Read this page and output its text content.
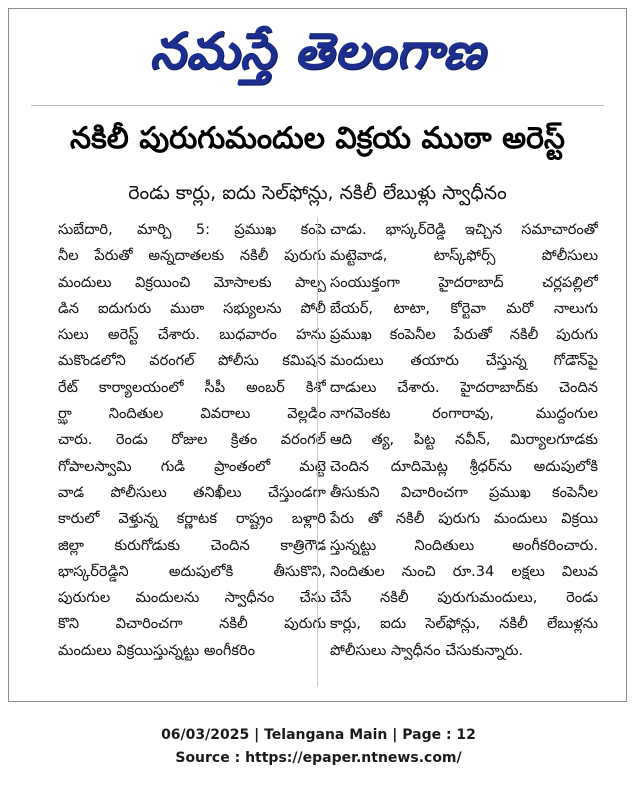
నమస్తే తెలంగాణ
నకిలీ పురుగుమందుల విక్రయ ముఠా అరెస్ట్
రెండు కార్లు, ఐదు సెల్‌ఫోన్లు, నకిలీ లేబుళ్లు స్వాధీనం
సుబేదారి, మార్చి 5: ప్రముఖ కంపె
నీల పేరుతో అన్నదాతలకు నకిలీ పురుగు
మందులు విక్రయించి మోసాలకు పాల్ప
డిన ఐదుగురు ముఠా సభ్యులను పోలీ
సులు అరెస్ట్ చేశారు. బుధవారం హను
మకొండలోని వరంగల్ పోలీసు కమిషన
రేట్ కార్యాలయంలో సీపీ అంబర్ కిశో
ర్ఝా నిందితుల వివరాలు వెల్లడిం
చారు. రెండు రోజుల క్రితం వరంగల్
గోపాలస్వామి గుడి ప్రాంతంలో మట్టె
వాడ పోలీసులు తనిఖీలు చేస్తుండగా
కారులో వెళ్తున్న కర్ణాటక రాష్ట్రం బళ్లారి
జిల్లా కురుగోడుకు చెందిన కాత్రిగౌడ
భాస్కర్‌రెడ్డిని అదుపులోకి తీసుకొని,
పురుగుల మందులను స్వాధీనం చేసు
కొని విచారించగా నకిలీ పురుగు
మందులు విక్రయిస్తున్నట్టు అంగీకరిం
చాడు. భాస్కర్‌రెడ్డి ఇచ్చిన సమాచారంతో
మట్టెవాడ, టాస్క్‌ఫోర్స్ పోలీసులు
సంయుక్తంగా హైదరాబాద్ చర్లపల్లిలో
బేయర్, టాటా, కోర్టెవా మరో నాలుగు
ప్రముఖ కంపెనీల పేరుతో నకిలీ పురుగు
మందులు తయారు చేస్తున్న గోడౌన్‌పై
దాడులు చేశారు. హైదరాబాద్‌కు చెందిన
నాగవెంకట రంగారావు, ముద్దంగుల
ఆది త్య, పిట్ట నవీన్, మిర్యాలగూడకు
చెందిన దూదిమెట్ల శ్రీధర్‌ను అదుపులోకి
తీసుకుని విచారించగా ప్రముఖ కంపెనీల
పేరు తో నకిలీ పురుగు మందులు విక్రయి
స్తున్నట్టు నిందితులు అంగీకరించారు.
నిందితుల నుంచి రూ.34 లక్షలు విలువ
చేసే నకిలీ పురుగుమందులు, రెండు
కార్లు, ఐదు సెల్‌ఫోన్లు, నకిలీ లేబుళ్లను
పోలీసులు స్వాధీనం చేసుకున్నారు.
06/03/2025 | Telangana Main | Page : 12
Source : https://epaper.ntnews.com/
